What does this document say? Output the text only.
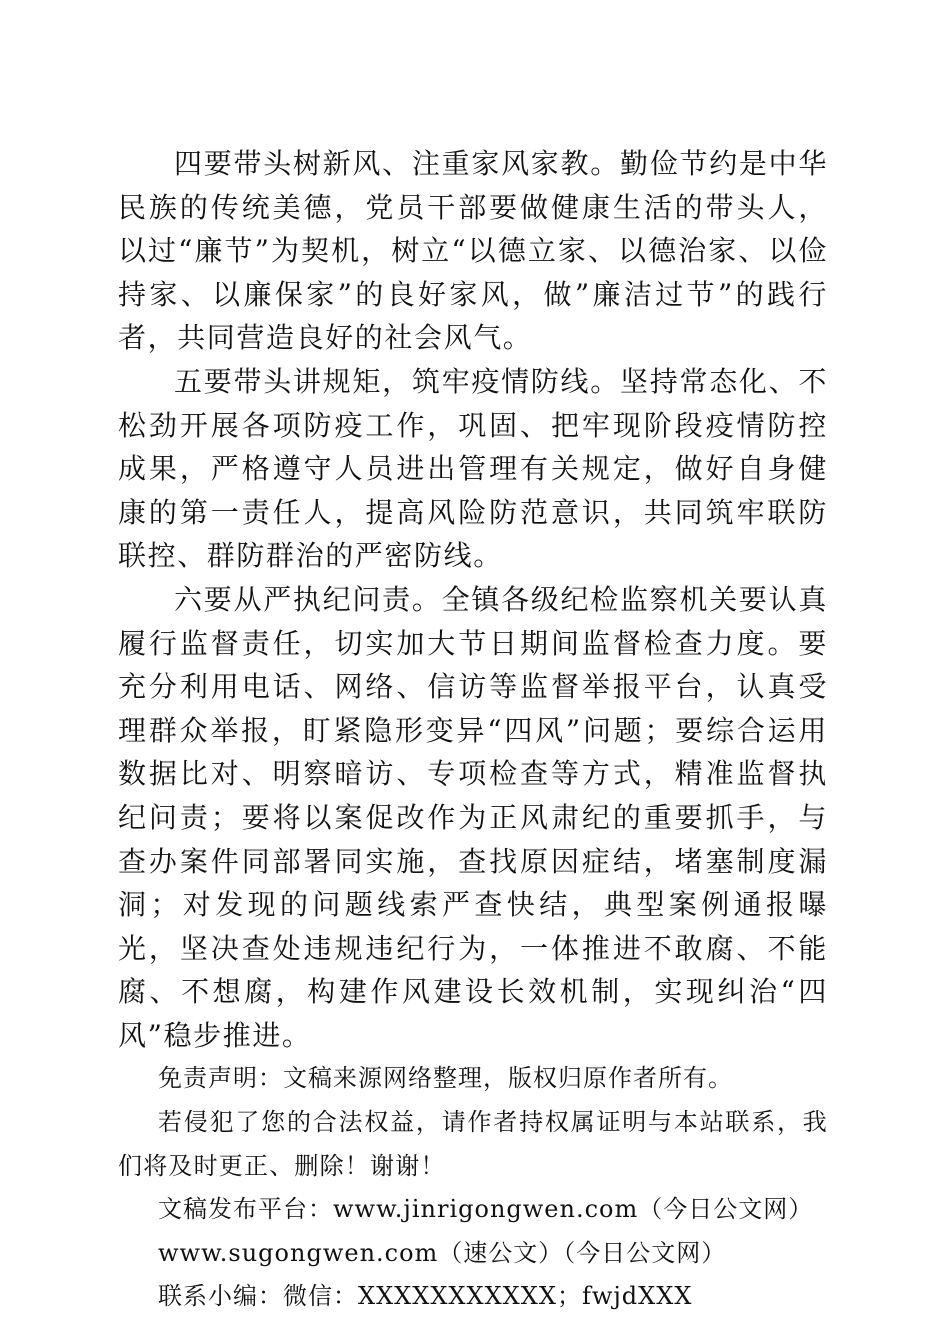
四要带头树新风、注重家风家教。勤俭节约是中华民族的传统美德，党员干部要做健康生活的带头人，以过“廉节”为契机，树立“以德立家、以德治家、以俭持家、以廉保家”的良好家风，做”廉洁过节”的践行者，共同营造良好的社会风气。

五要带头讲规矩，筑牢疫情防线。坚持常态化、不松劲开展各项防疫工作，巩固、把牢现阶段疫情防控成果，严格遵守人员进出管理有关规定，做好自身健康的第一责任人，提高风险防范意识，共同筑牢联防联控、群防群治的严密防线。

六要从严执纪问责。全镇各级纪检监察机关要认真履行监督责任，切实加大节日期间监督检查力度。要充分利用电话、网络、信访等监督举报平台，认真受理群众举报，盯紧隐形变异“四风”问题；要综合运用数据比对、明察暗访、专项检查等方式，精准监督执纪问责；要将以案促改作为正风肃纪的重要抓手，与查办案件同部署同实施，查找原因症结，堵塞制度漏洞；对发现的问题线索严查快结，典型案例通报曝光，坚决查处违规违纪行为，一体推进不敢腐、不能腐、不想腐，构建作风建设长效机制，实现纠治“四风”稳步推进。

免责声明：文稿来源网络整理，版权归原作者所有。

若侵犯了您的合法权益，请作者持权属证明与本站联系，我们将及时更正、删除！谢谢！

文稿发布平台：www.jinrigongwen.com（今日公文网）

www.sugongwen.com（速公文）（今日公文网）

联系小编：微信：XXXXXXXXXXX；fwjdXXX
